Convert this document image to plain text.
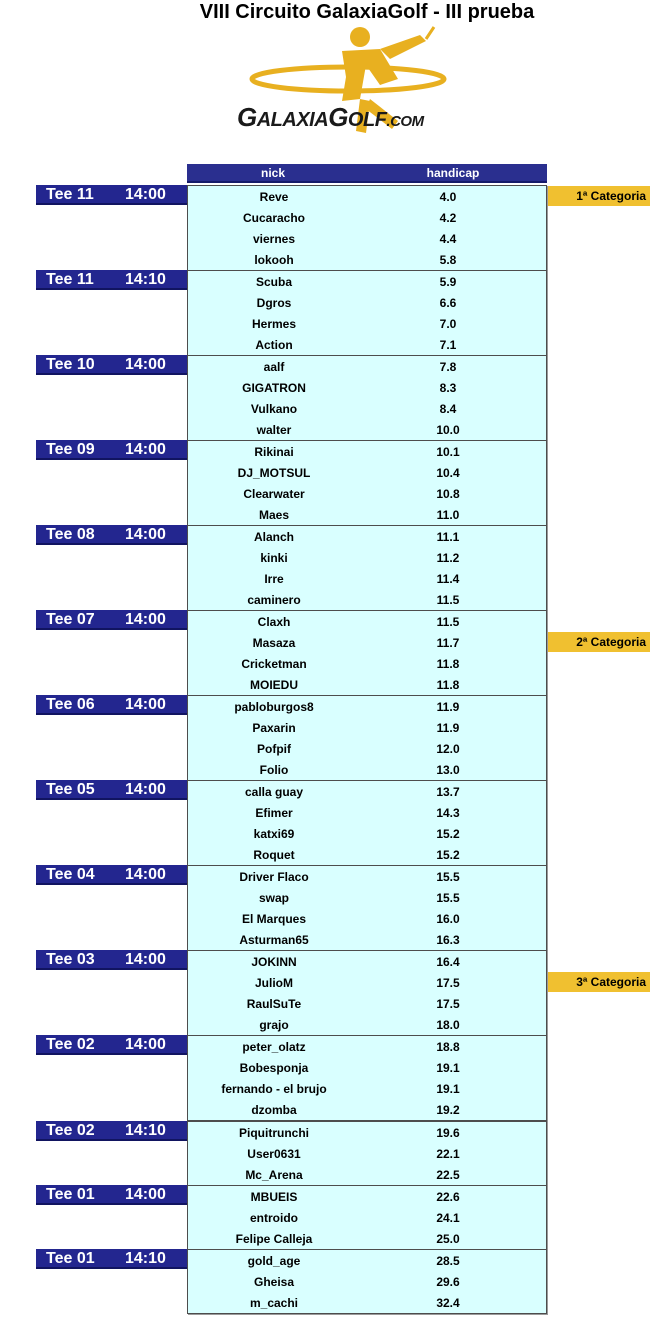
VIII Circuito GalaxiaGolf - III prueba
GALAXIAGOLF.COM
nick	handicap
Tee 11 14:00	Reve	4.0
Cucaracho	4.2
viernes	4.4
lokooh	5.8
Tee 11 14:10	Scuba	5.9
Dgros	6.6
Hermes	7.0
Action	7.1
Tee 10 14:00	aalf	7.8
GIGATRON	8.3
Vulkano	8.4
walter	10.0
Tee 09 14:00	Rikinai	10.1
DJ_MOTSUL	10.4
Clearwater	10.8
Maes	11.0
Tee 08 14:00	Alanch	11.1
kinki	11.2
Irre	11.4
caminero	11.5
Tee 07 14:00	Claxh	11.5
Masaza	11.7
Cricketman	11.8
MOIEDU	11.8
Tee 06 14:00	pabloburgos8	11.9
Paxarin	11.9
Pofpif	12.0
Folio	13.0
Tee 05 14:00	calla guay	13.7
Efimer	14.3
katxi69	15.2
Roquet	15.2
Tee 04 14:00	Driver Flaco	15.5
swap	15.5
El Marques	16.0
Asturman65	16.3
Tee 03 14:00	JOKINN	16.4
JulioM	17.5
RaulSuTe	17.5
grajo	18.0
Tee 02 14:00	peter_olatz	18.8
Bobesponja	19.1
fernando - el brujo	19.1
dzomba	19.2
Tee 02 14:10	Piquitrunchi	19.6
User0631	22.1
Mc_Arena	22.5
Tee 01 14:00	MBUEIS	22.6
entroido	24.1
Felipe Calleja	25.0
Tee 01 14:10	gold_age	28.5
Gheisa	29.6
m_cachi	32.4
1ª Categoria
2ª Categoria
3ª Categoria
